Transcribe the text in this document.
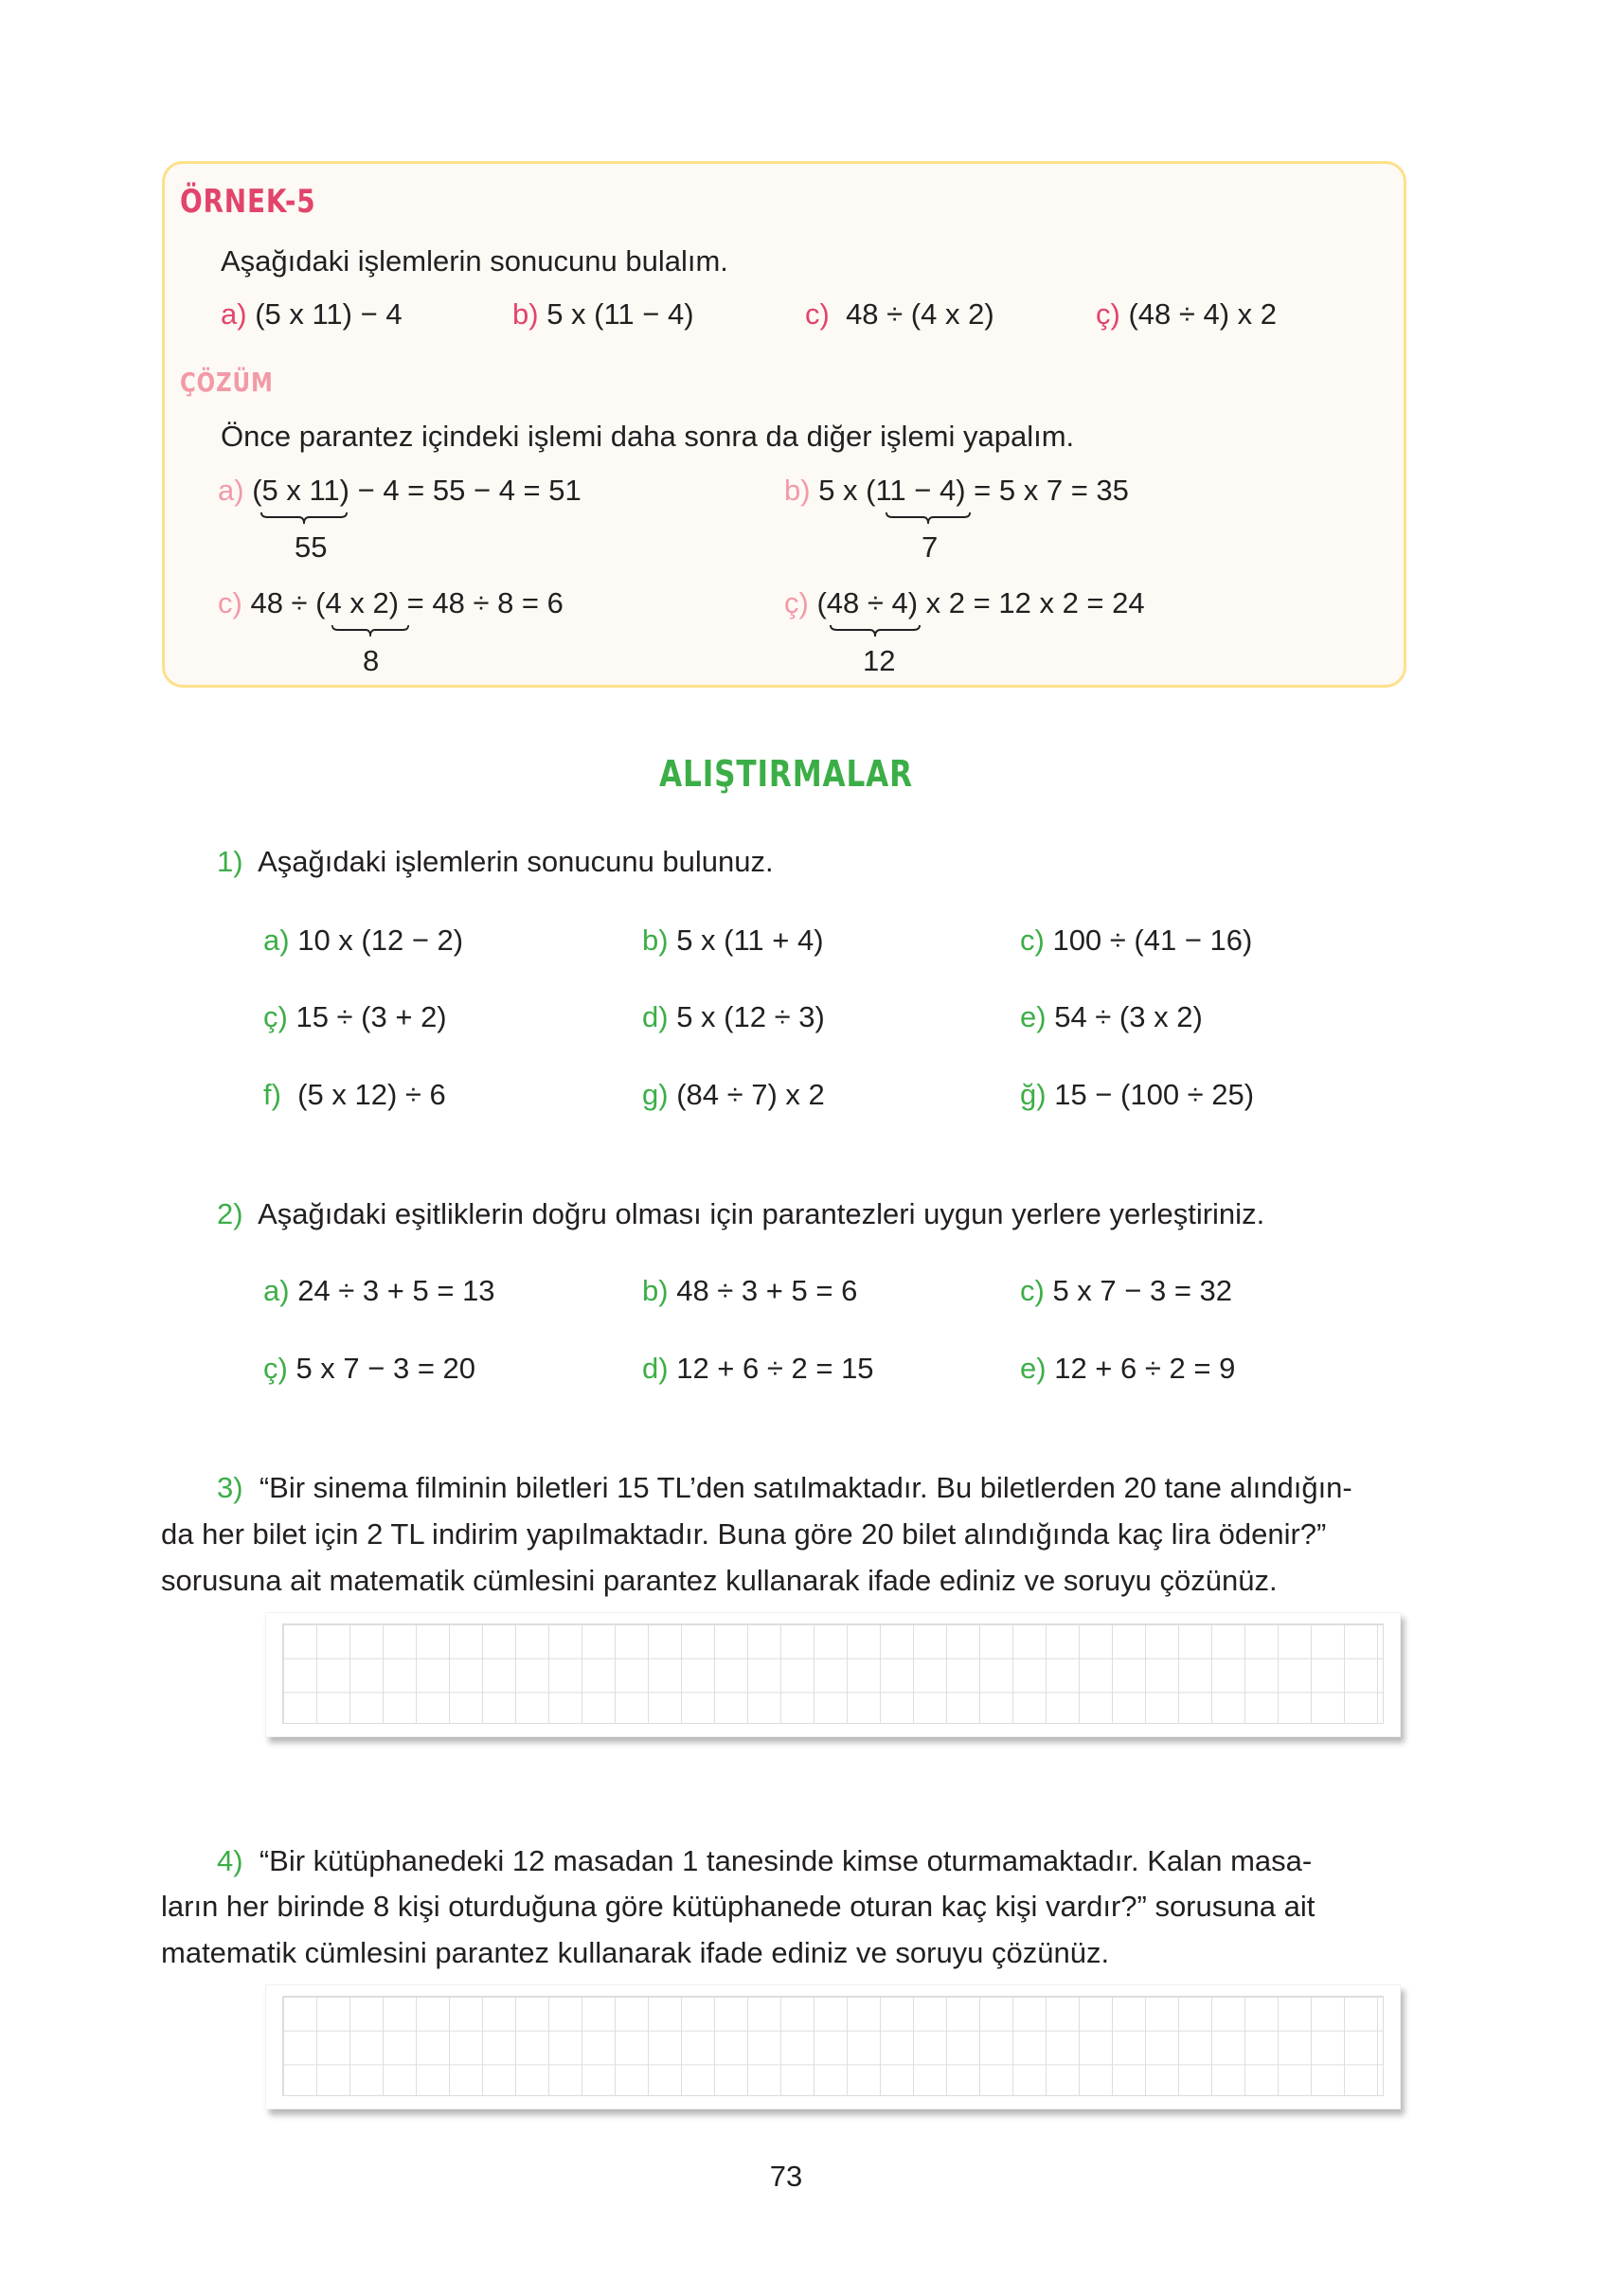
ÖRNEK-5
Aşağıdaki işlemlerin sonucunu bulalım.
a) (5 x 11) − 4	b) 5 x (11 − 4)	c) 48 ÷ (4 x 2)	ç) (48 ÷ 4) x 2
ÇÖZÜM
Önce parantez içindeki işlemi daha sonra da diğer işlemi yapalım.
a) (5 x 11) − 4 = 55 − 4 = 51
55
b) 5 x (11 − 4) = 5 x 7 = 35
7
c) 48 ÷ (4 x 2) = 48 ÷ 8 = 6
8
ç) (48 ÷ 4) x 2 = 12 x 2 = 24
12
ALIŞTIRMALAR
1) Aşağıdaki işlemlerin sonucunu bulunuz.
a) 10 x (12 − 2)	b) 5 x (11 + 4)	c) 100 ÷ (41 − 16)
ç) 15 ÷ (3 + 2)	d) 5 x (12 ÷ 3)	e) 54 ÷ (3 x 2)
f) (5 x 12) ÷ 6	g) (84 ÷ 7) x 2	ğ) 15 − (100 ÷ 25)
2) Aşağıdaki eşitliklerin doğru olması için parantezleri uygun yerlere yerleştiriniz.
a) 24 ÷ 3 + 5 = 13	b) 48 ÷ 3 + 5 = 6	c) 5 x 7 − 3 = 32
ç) 5 x 7 − 3 = 20	d) 12 + 6 ÷ 2 = 15	e) 12 + 6 ÷ 2 = 9
3) “Bir sinema filminin biletleri 15 TL’den satılmaktadır. Bu biletlerden 20 tane alındığın-
da her bilet için 2 TL indirim yapılmaktadır. Buna göre 20 bilet alındığında kaç lira ödenir?”
sorusuna ait matematik cümlesini parantez kullanarak ifade ediniz ve soruyu çözünüz.
4) “Bir kütüphanedeki 12 masadan 1 tanesinde kimse oturmamaktadır. Kalan masa-
ların her birinde 8 kişi oturduğuna göre kütüphanede oturan kaç kişi vardır?” sorusuna ait
matematik cümlesini parantez kullanarak ifade ediniz ve soruyu çözünüz.
73
